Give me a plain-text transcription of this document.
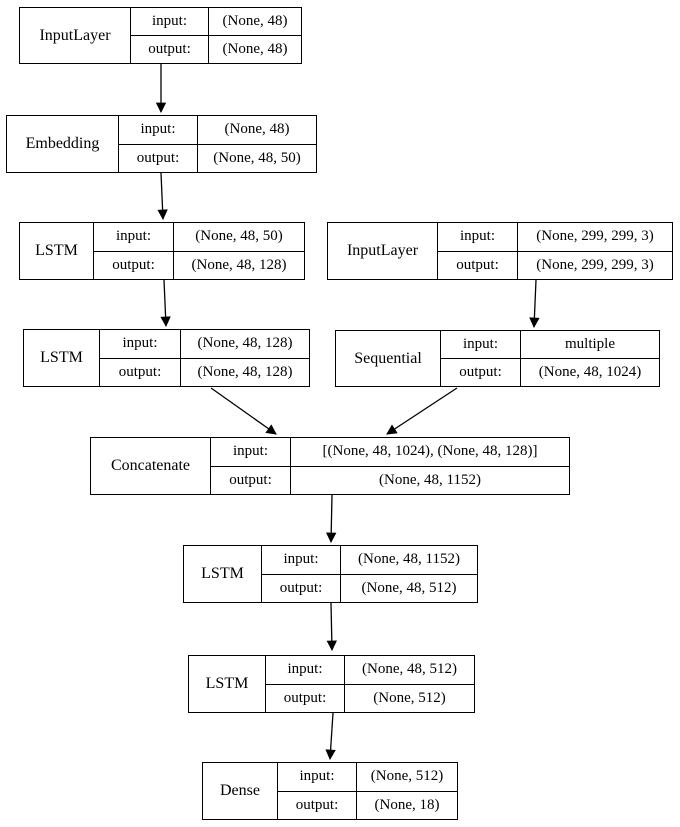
InputLayer	input:	(None, 48)
	output:	(None, 48)
Embedding	input:	(None, 48)
	output:	(None, 48, 50)
LSTM	input:	(None, 48, 50)
	output:	(None, 48, 128)
LSTM	input:	(None, 48, 128)
	output:	(None, 48, 128)
InputLayer	input:	(None, 299, 299, 3)
	output:	(None, 299, 299, 3)
Sequential	input:	multiple
	output:	(None, 48, 1024)
Concatenate	input:	[(None, 48, 1024), (None, 48, 128)]
	output:	(None, 48, 1152)
LSTM	input:	(None, 48, 1152)
	output:	(None, 48, 512)
LSTM	input:	(None, 48, 512)
	output:	(None, 512)
Dense	input:	(None, 512)
	output:	(None, 18)
